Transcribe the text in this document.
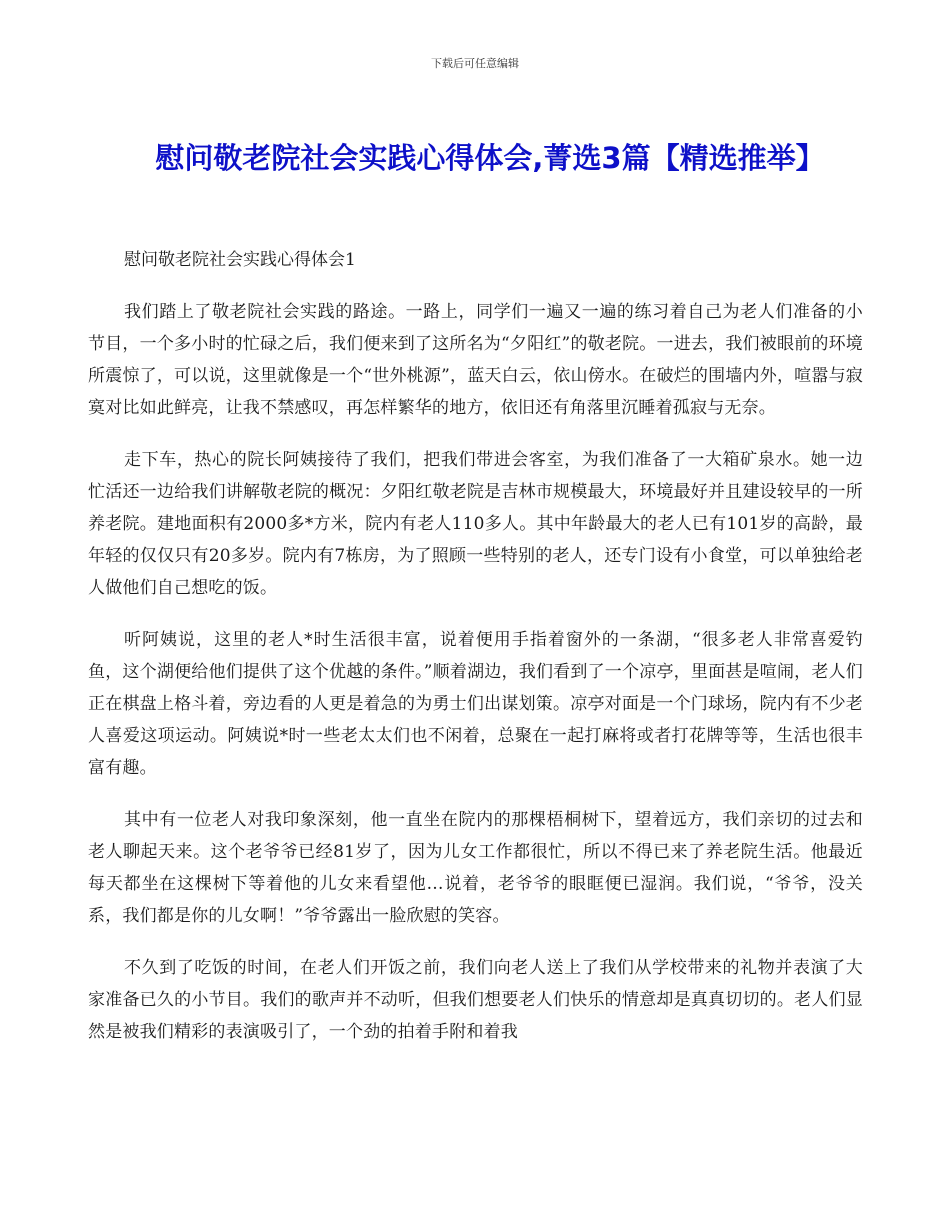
下载后可任意编辑
慰问敬老院社会实践心得体会,菁选3篇【精选推举】

慰问敬老院社会实践心得体会1

我们踏上了敬老院社会实践的路途。一路上，同学们一遍又一遍的练习着自己为老人们准备的小节目，一个多小时的忙碌之后，我们便来到了这所名为“夕阳红”的敬老院。一进去，我们被眼前的环境所震惊了，可以说，这里就像是一个“世外桃源”，蓝天白云，依山傍水。在破烂的围墙内外，喧嚣与寂寞对比如此鲜亮，让我不禁感叹，再怎样繁华的地方，依旧还有角落里沉睡着孤寂与无奈。

走下车，热心的院长阿姨接待了我们，把我们带进会客室，为我们准备了一大箱矿泉水。她一边忙活还一边给我们讲解敬老院的概况：夕阳红敬老院是吉林市规模最大，环境最好并且建设较早的一所养老院。建地面积有2000多*方米，院内有老人110多人。其中年龄最大的老人已有101岁的高龄，最年轻的仅仅只有20多岁。院内有7栋房，为了照顾一些特别的老人，还专门设有小食堂，可以单独给老人做他们自己想吃的饭。

听阿姨说，这里的老人*时生活很丰富，说着便用手指着窗外的一条湖，“很多老人非常喜爱钓鱼，这个湖便给他们提供了这个优越的条件。”顺着湖边，我们看到了一个凉亭，里面甚是喧闹，老人们正在棋盘上格斗着，旁边看的人更是着急的为勇士们出谋划策。凉亭对面是一个门球场，院内有不少老人喜爱这项运动。阿姨说*时一些老太太们也不闲着，总聚在一起打麻将或者打花牌等等，生活也很丰富有趣。

其中有一位老人对我印象深刻，他一直坐在院内的那棵梧桐树下，望着远方，我们亲切的过去和老人聊起天来。这个老爷爷已经81岁了，因为儿女工作都很忙，所以不得已来了养老院生活。他最近每天都坐在这棵树下等着他的儿女来看望他…说着，老爷爷的眼眶便已湿润。我们说，“爷爷，没关系，我们都是你的儿女啊！”爷爷露出一脸欣慰的笑容。

不久到了吃饭的时间，在老人们开饭之前，我们向老人送上了我们从学校带来的礼物并表演了大家准备已久的小节目。我们的歌声并不动听，但我们想要老人们快乐的情意却是真真切切的。老人们显然是被我们精彩的表演吸引了，一个劲的拍着手附和着我
